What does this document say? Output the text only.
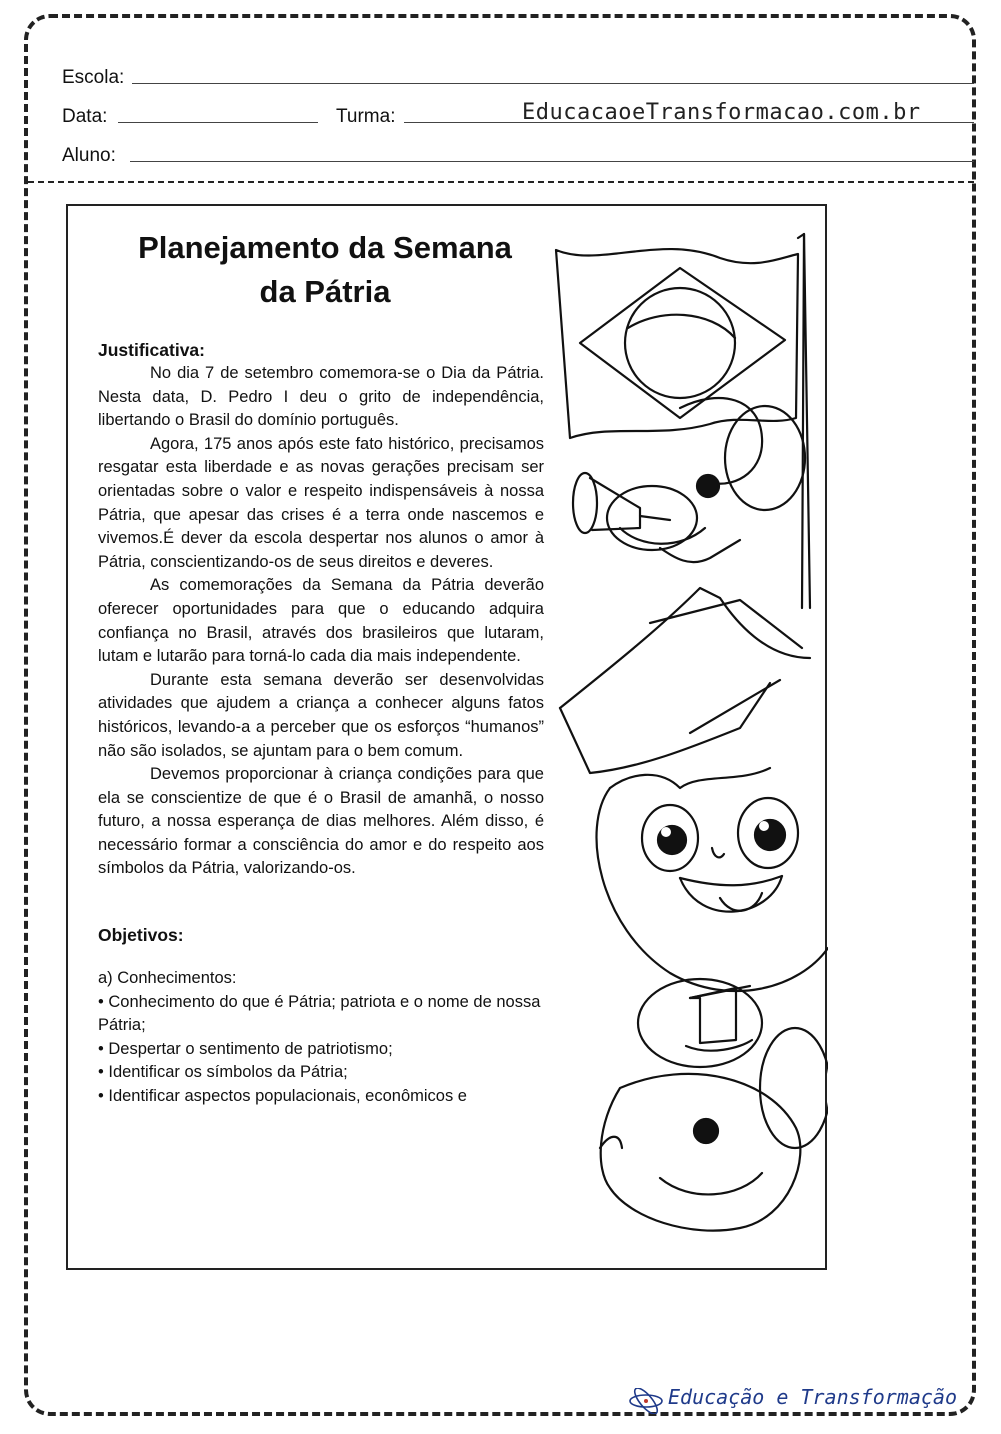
Escola:
Data:	Turma:	EducacaoeTransformacao.com.br
Aluno:
Planejamento da Semana
da Pátria
Justificativa:

No dia 7 de setembro comemora-se o Dia da Pátria. Nesta data, D. Pedro I deu o grito de independência, libertando o Brasil do domínio português.

Agora, 175 anos após este fato histórico, precisamos resgatar esta liberdade e as novas gerações precisam ser orientadas sobre o valor e respeito indispensáveis à nossa Pátria, que apesar das crises é a terra onde nascemos e vivemos.É dever da escola despertar nos alunos o amor à Pátria, conscientizando-os de seus direitos e deveres.

As comemorações da Semana da Pátria deverão oferecer oportunidades para que o educando adquira confiança no Brasil, através dos brasileiros que lutaram, lutam e lutarão para torná-lo cada dia mais independente.

Durante esta semana deverão ser desenvolvidas atividades que ajudem a criança a conhecer alguns fatos históricos, levando-a a perceber que os esforços “humanos” não são isolados, se ajuntam para o bem comum.

Devemos proporcionar à criança condições para que ela se conscientize de que é o Brasil de amanhã, o nosso futuro, a nossa esperança de dias melhores. Além disso, é necessário formar a consciência do amor e do respeito aos símbolos da Pátria, valorizando-os.

Objetivos:
a) Conhecimentos:
• Conhecimento do que é Pátria; patriota e o nome de nossa Pátria;
• Despertar o sentimento de patriotismo;
• Identificar os símbolos da Pátria;
• Identificar aspectos populacionais, econômicos e
Educação e Transformação
